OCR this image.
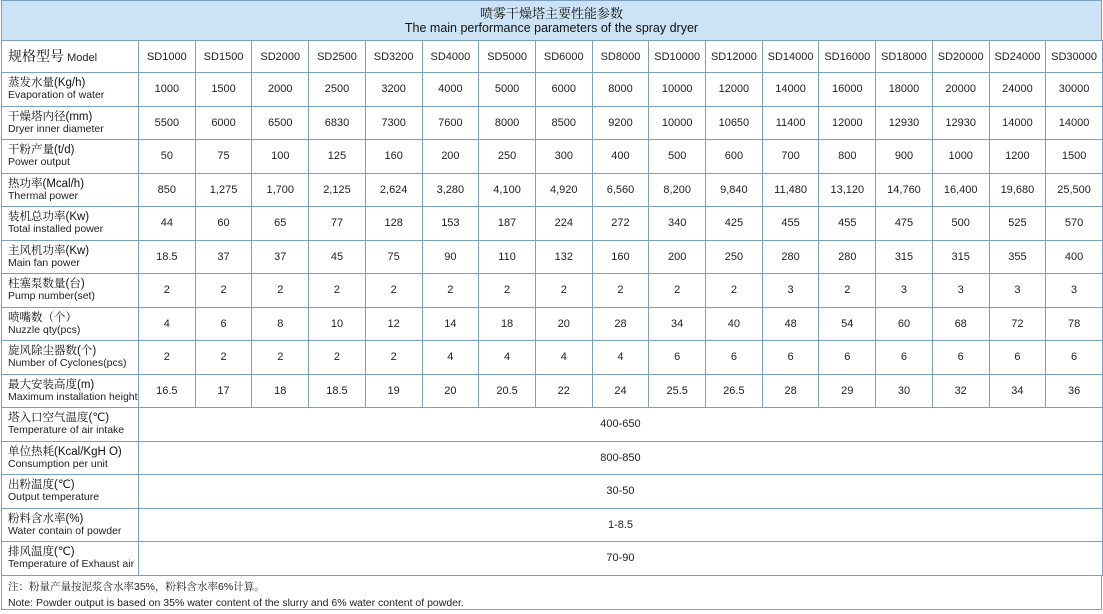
喷雾干燥塔主要性能参数
The main performance parameters of the spray dryer
规格型号 Model	SD1000	SD1500	SD2000	SD2500	SD3200	SD4000	SD5000	SD6000	SD8000	SD10000	SD12000	SD14000	SD16000	SD18000	SD20000	SD24000	SD30000

蒸发水量(Kg/h)
Evaporation of water	1000	1500	2000	2500	3200	4000	5000	6000	8000	10000	12000	14000	16000	18000	20000	24000	30000

干燥塔内径(mm)
Dryer inner diameter	5500	6000	6500	6830	7300	7600	8000	8500	9200	10000	10650	11400	12000	12930	12930	14000	14000

干粉产量(t/d)
Power output	50	75	100	125	160	200	250	300	400	500	600	700	800	900	1000	1200	1500

热功率(Mcal/h)
Thermal power	850	1,275	1,700	2,125	2,624	3,280	4,100	4,920	6,560	8,200	9,840	11,480	13,120	14,760	16,400	19,680	25,500

装机总功率(Kw)
Total installed power	44	60	65	77	128	153	187	224	272	340	425	455	455	475	500	525	570

主风机功率(Kw)
Main fan power	18.5	37	37	45	75	90	110	132	160	200	250	280	280	315	315	355	400

柱塞泵数量(台)
Pump number(set)	2	2	2	2	2	2	2	2	2	2	2	3	2	3	3	3	3

喷嘴数（个）
Nuzzle qty(pcs)	4	6	8	10	12	14	18	20	28	34	40	48	54	60	68	72	78

旋风除尘器数(个)
Number of Cyclones(pcs)	2	2	2	2	2	4	4	4	4	6	6	6	6	6	6	6	6

最大安装高度(m)
Maximum installation height	16.5	17	18	18.5	19	20	20.5	22	24	25.5	26.5	28	29	30	32	34	36

塔入口空气温度(℃)
Temperature of air intake	400-650																

单位热耗(Kcal/KgH O)
Consumption per unit	800-850																

出粉温度(℃)
Output temperature	30-50																

粉料含水率(%)
Water contain of powder	1-8.5																

排风温度(℃)
Temperature of Exhaust air	70-90																
注：粉量产量按泥浆含水率35%，粉料含水率6%计算。
Note: Powder output is based on 35% water content of the slurry and 6% water content of powder.
